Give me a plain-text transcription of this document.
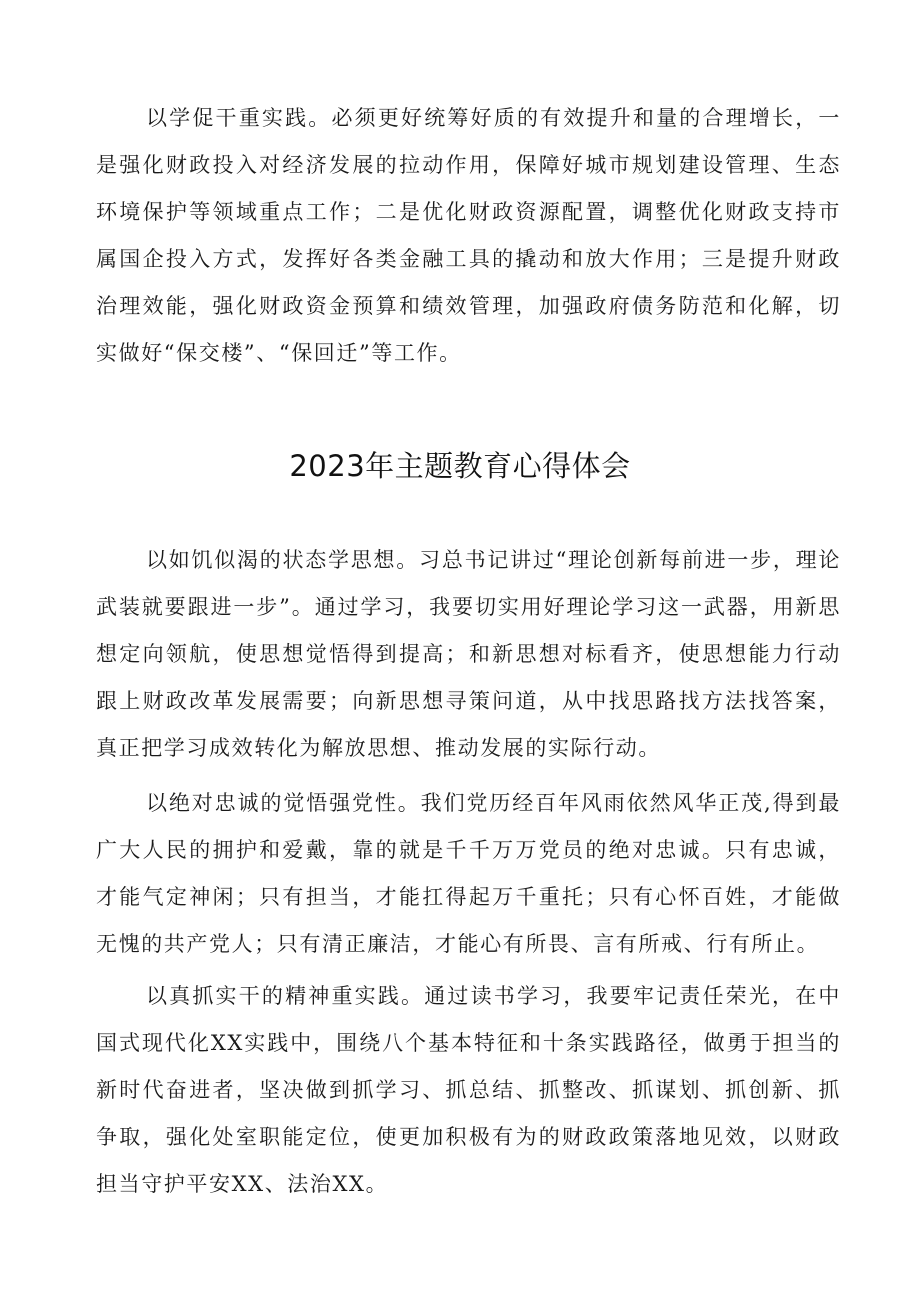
以学促干重实践。必须更好统筹好质的有效提升和量的合理增长，一是强化财政投入对经济发展的拉动作用，保障好城市规划建设管理、生态环境保护等领域重点工作；二是优化财政资源配置，调整优化财政支持市属国企投入方式，发挥好各类金融工具的撬动和放大作用；三是提升财政治理效能，强化财政资金预算和绩效管理，加强政府债务防范和化解，切实做好“保交楼”、“保回迁”等工作。

2023年主题教育心得体会

以如饥似渴的状态学思想。习总书记讲过“理论创新每前进一步，理论武装就要跟进一步”。通过学习，我要切实用好理论学习这一武器，用新思想定向领航，使思想觉悟得到提高；和新思想对标看齐，使思想能力行动跟上财政改革发展需要；向新思想寻策问道，从中找思路找方法找答案，真正把学习成效转化为解放思想、推动发展的实际行动。

以绝对忠诚的觉悟强党性。我们党历经百年风雨依然风华正茂,得到最广大人民的拥护和爱戴，靠的就是千千万万党员的绝对忠诚。只有忠诚，才能气定神闲；只有担当，才能扛得起万千重托；只有心怀百姓，才能做无愧的共产党人；只有清正廉洁，才能心有所畏、言有所戒、行有所止。

以真抓实干的精神重实践。通过读书学习，我要牢记责任荣光，在中国式现代化XX实践中，围绕八个基本特征和十条实践路径，做勇于担当的新时代奋进者，坚决做到抓学习、抓总结、抓整改、抓谋划、抓创新、抓争取，强化处室职能定位，使更加积极有为的财政政策落地见效，以财政担当守护平安XX、法治XX。
